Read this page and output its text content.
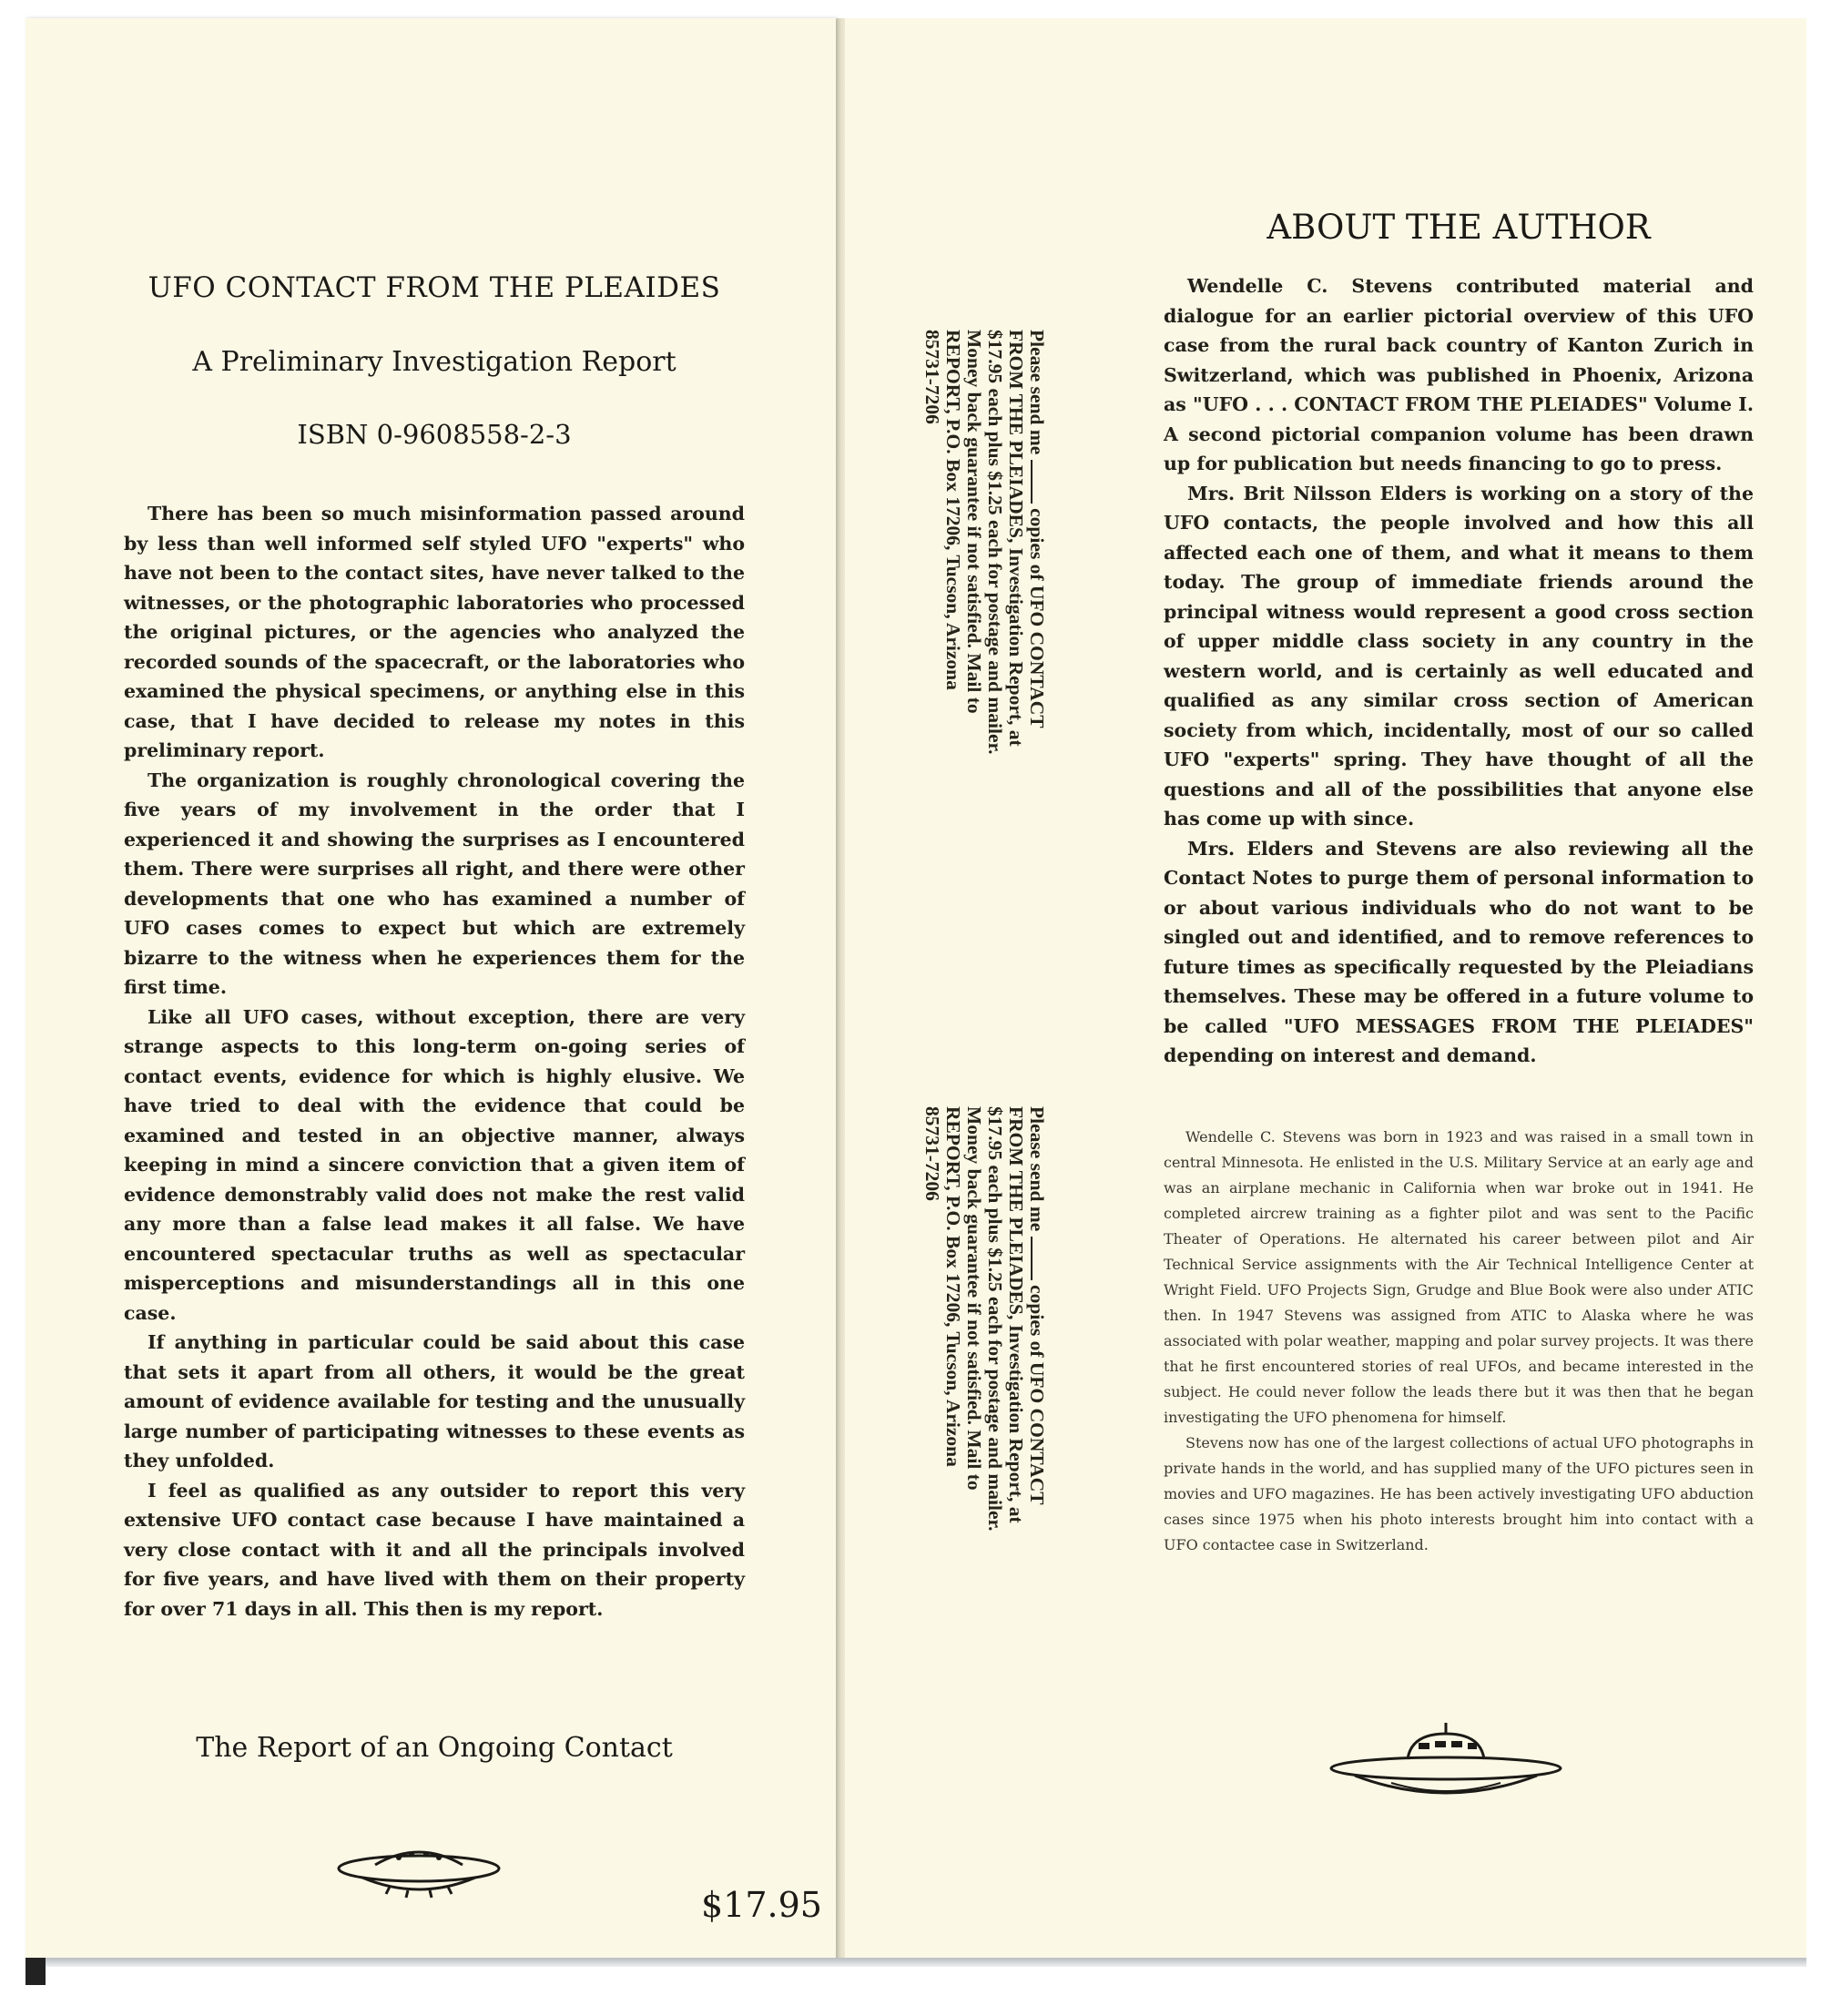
UFO CONTACT FROM THE PLEAIDES
A Preliminary Investigation Report
ISBN 0-9608558-2-3

There has been so much misinformation passed around by less than well informed self styled UFO "experts" who have not been to the contact sites, have never talked to the witnesses, or the photographic laboratories who processed the original pictures, or the agencies who analyzed the recorded sounds of the spacecraft, or the laboratories who examined the physical specimens, or anything else in this case, that I have decided to release my notes in this preliminary report.

The organization is roughly chronological covering the five years of my involvement in the order that I experienced it and showing the surprises as I encountered them. There were surprises all right, and there were other developments that one who has examined a number of UFO cases comes to expect but which are extremely bizarre to the witness when he experiences them for the first time.

Like all UFO cases, without exception, there are very strange aspects to this long-term on-going series of contact events, evidence for which is highly elusive. We have tried to deal with the evidence that could be examined and tested in an objective manner, always keeping in mind a sincere conviction that a given item of evidence demonstrably valid does not make the rest valid any more than a false lead makes it all false. We have encountered spectacular truths as well as spectacular misperceptions and misunderstandings all in this one case.

If anything in particular could be said about this case that sets it apart from all others, it would be the great amount of evidence available for testing and the unusually large number of participating witnesses to these events as they unfolded.

I feel as qualified as any outsider to report this very extensive UFO contact case because I have maintained a very close contact with it and all the principals involved for five years, and have lived with them on their property for over 71 days in all. This then is my report.

The Report of an Ongoing Contact
$17.95
Please send me  copies of UFO CONTACT
FROM THE PLEIADES, Investigation Report, at
$17.95 each plus $1.25 each for postage and mailer.
Money back guarantee if not satisfied. Mail to
REPORT, P.O. Box 17206, Tucson, Arizona
85731-7206
Please send me  copies of UFO CONTACT
FROM THE PLEIADES, Investigation Report, at
$17.95 each plus $1.25 each for postage and mailer.
Money back guarantee if not satisfied. Mail to
REPORT, P.O. Box 17206, Tucson, Arizona
85731-7206
ABOUT THE AUTHOR

Wendelle C. Stevens contributed material and dialogue for an earlier pictorial overview of this UFO case from the rural back country of Kanton Zurich in Switzerland, which was published in Phoenix, Arizona as "UFO . . . CONTACT FROM THE PLEIADES" Volume I. A second pictorial companion volume has been drawn up for publication but needs financing to go to press.

Mrs. Brit Nilsson Elders is working on a story of the UFO contacts, the people involved and how this all affected each one of them, and what it means to them today. The group of immediate friends around the principal witness would represent a good cross section of upper middle class society in any country in the western world, and is certainly as well educated and qualified as any similar cross section of American society from which, incidentally, most of our so called UFO "experts" spring. They have thought of all the questions and all of the possibilities that anyone else has come up with since.

Mrs. Elders and Stevens are also reviewing all the Contact Notes to purge them of personal information to or about various individuals who do not want to be singled out and identified, and to remove references to future times as specifically requested by the Pleiadians themselves. These may be offered in a future volume to be called "UFO MESSAGES FROM THE PLEIADES" depending on interest and demand.

Wendelle C. Stevens was born in 1923 and was raised in a small town in central Minnesota. He enlisted in the U.S. Military Service at an early age and was an airplane mechanic in California when war broke out in 1941. He completed aircrew training as a fighter pilot and was sent to the Pacific Theater of Operations. He alternated his career between pilot and Air Technical Service assignments with the Air Technical Intelligence Center at Wright Field. UFO Projects Sign, Grudge and Blue Book were also under ATIC then. In 1947 Stevens was assigned from ATIC to Alaska where he was associated with polar weather, mapping and polar survey projects. It was there that he first encountered stories of real UFOs, and became interested in the subject. He could never follow the leads there but it was then that he began investigating the UFO phenomena for himself.

Stevens now has one of the largest collections of actual UFO photographs in private hands in the world, and has supplied many of the UFO pictures seen in movies and UFO magazines. He has been actively investigating UFO abduction cases since 1975 when his photo interests brought him into contact with a UFO contactee case in Switzerland.
